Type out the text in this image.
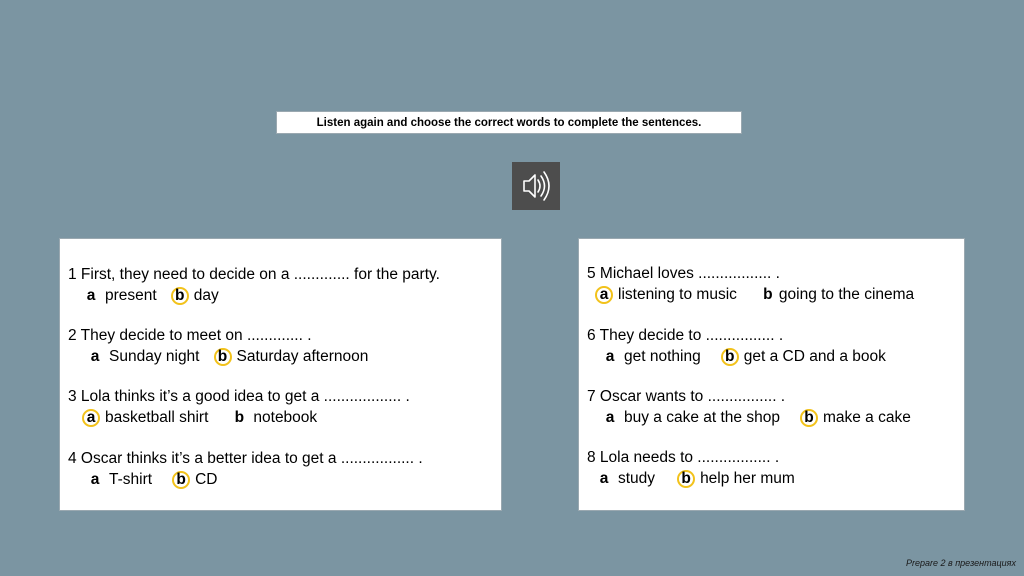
Listen again and choose the correct words to complete the sentences.
1 First, they need to decide on a ............. for the party.
a present b day
2 They decide to meet on ............. .
a Sunday night b Saturday afternoon
3 Lola thinks it’s a good idea to get a .................. .
a basketball shirt b notebook
4 Oscar thinks it’s a better idea to get a ................. .
a T-shirt b CD
5 Michael loves ................. .
a listening to music b going to the cinema
6 They decide to ................ .
a get nothing b get a CD and a book
7 Oscar wants to ................ .
a buy a cake at the shop b make a cake
8 Lola needs to ................. .
a study b help her mum
Prepare 2 в презентациях
